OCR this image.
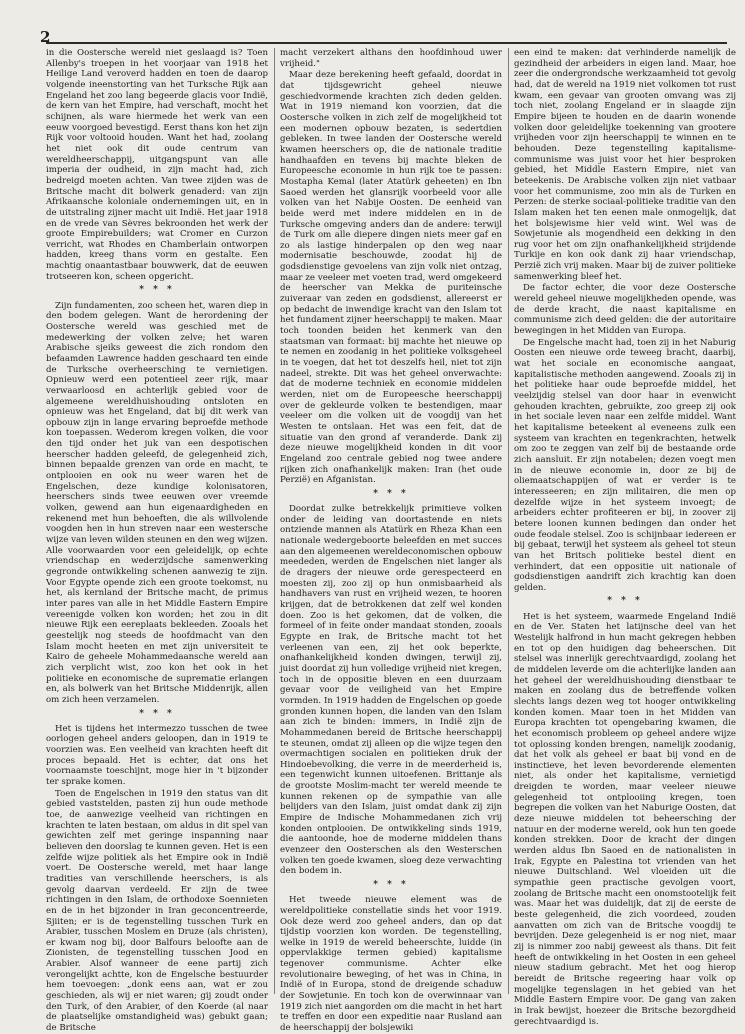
2

in die Oostersche wereld niet geslaagd is? Toen Allenby's troepen in het voorjaar van 1918 het Heilige Land veroverd hadden en toen de daarop volgende ineenstorting van het Turksche Rijk aan Engeland het zoo lang begeerde glacis voor Indië, de kern van het Empire, had verschaft, mocht het schijnen, als ware hiermede het werk van een eeuw voorgoed bevestigd. Eerst thans kon het zijn Rijk voor voltooid houden. Want het had, zoolang het niet ook dit oude centrum van wereldheerschappij, uitgangspunt van alle imperia der oudheid, in zijn macht had, zich bedreigd moeten achten. Van twee zijden was de Britsche macht dit bolwerk genaderd: van zijn Afrikaansche koloniale ondernemingen uit, en in de uitstraling zijner macht uit Indië. Het jaar 1918 en de vrede van Sèvres bekroonden het werk der groote Empirebuilders; wat Cromer en Curzon verricht, wat Rhodes en Chamberlain ontworpen hadden, kreeg thans vorm en gestalte. Een machtig onaantastbaar bouwwerk, dat de eeuwen trotseeren kon, scheen opgericht.

* * *

Zijn fundamenten, zoo scheen het, waren diep in den bodem gelegen. Want de herordening der Oostersche wereld was geschied met de medewerking der volken zelve; het waren Arabische sjeiks geweest die zich rondom den befaamden Lawrence hadden geschaard ten einde de Turksche overheersching te vernietigen. Opnieuw werd een potentieel zeer rijk, maar verwaarloosd en achterlijk gebied voor de algemeene wereldhuishouding ontsloten en opnieuw was het Engeland, dat bij dit werk van opbouw zijn in lange ervaring beproefde methode kon toepassen. Wederom kregen volken, die voor den tijd onder het juk van een despotischen heerscher hadden geleefd, de gelegenheid zich, binnen bepaalde grenzen van orde en macht, te ontplooien en ook nu weer waren het de Engelschen, deze kundige kolonisatoren, heerschers sinds twee eeuwen over vreemde volken, gewend aan hun eigenaardigheden en rekenend met hun behoeften, die als willvolende voogden hen in hun streven naar een westersche wijze van leven wilden steunen en den weg wijzen. Alle voorwaarden voor een geleidelijk, op echte vriendschap en wederzijdsche samenwerking gegronde ontwikkeling schenen aanwezig te zijn. Voor Egypte opende zich een groote toekomst, nu het, als kernland der Britsche macht, de primus inter pares van alle in het Middle Eastern Empire vereenigde volken kon worden; het zou in dit nieuwe Rijk een eereplaats bekleeden. Zooals het geestelijk nog steeds de hoofdmacht van den Islam mocht heeten en met zijn universiteit te Kairo de geheele Mohammedaansche wereld aan zich verplicht wist, zoo kon het ook in het politieke en economische de suprematie erlangen en, als bolwerk van het Britsche Middenrijk, allen om zich heen verzamelen.

* * *

Het is tijdens het intermezzo tusschen de twee oorlogen geheel anders geloopen, dan in 1919 te voorzien was. Een veelheid van krachten heeft dit proces bepaald. Het is echter, dat ons het voornaamste toeschijnt, moge hier in 't bijzonder ter sprake komen.

Toen de Engelschen in 1919 den status van dit gebied vaststelden, pasten zij hun oude methode toe, de aanwezige veelheid van richtingen en krachten te laten bestaan, om aldus in dit spel van gewichten zelf met geringe inspanning naar believen den doorslag te kunnen geven. Het is een zelfde wijze politiek als het Empire ook in Indië voert. De Oostersche wereld, met haar lange tradities van verschillende heerschers, is als gevolg daarvan verdeeld. Er zijn de twee richtingen in den Islam, de orthodoxe Soennieten en de in het bijzonder in Iran geconcentreerde, Sjiiten; er is de tegenstelling tusschen Turk en Arabier, tusschen Moslem en Druze (als christen), er kwam nog bij, door Balfours beloofte aan de Zionisten, de tegenstelling tusschen Jood en Arabier. Alsof wanneer de eene partij zich verongelijkt achtte, kon de Engelsche bestuurder hem toevoegen: „donk eens aan, wat er zou geschieden, als wij er niet waren; gij zoudt onder den Turk, of den Arabier, of den Koerde (al naar de plaatselijke omstandigheid was) gebukt gaan; de Britsche

macht verzekert althans den hoofdinhoud uwer vrijheid."

Maar deze berekening heeft gefaald, doordat in dat tijdsgewricht geheel nieuwe geschiedvormende krachten zich deden gelden. Wat in 1919 niemand kon voorzien, dat die Oostersche volken in zich zelf de mogelijkheid tot een modernen opbouw bezaten, is sedertdien gebleken. In twee landen der Oostersche wereld kwamen heerschers op, die de nationale traditie handhaafden en tevens bij machte bleken de Europeesche economie in hun rijk toe te passen: Mostapha Kemal (later Atatürk geheeten) en Ibn Saoed werden het glansrijk voorbeeld voor alle volken van het Nabije Oosten. De eenheid van beide werd met indere middelen en in de Turksche omgeving anders dan de andere: terwijl de Turk om alle diepere dingen niets meer gaf en zo als lastige hinderpalen op den weg naar modernisatie beschouwde, zoodat hij de godsdienstige gevoelens van zijn volk niet ontzag, maar ze veeleer met voeten trad, werd omgekeerd de heerscher van Mekka de puriteinsche zuiveraar van zeden en godsdienst, allereerst er op bedacht de inwendige kracht van den Islam tot het fundament zijner heerschappij te maken. Maar toch toonden beiden het kenmerk van den staatsman van formaat: bij machte het nieuwe op te nemen en zoodanig in het politieke volksgeheel in te voegen, dat het tot deszelfs heil, niet tot zijn nadeel, strekte. Dit was het geheel onverwachte: dat de moderne techniek en economie middelen werden, niet om de Europeesche heerschappij over de gekleurde volken te bestendigen, maar veeleer om die volken uit de voogdij van het Westen te ontslaan. Het was een feit, dat de situatie van den grond af veranderde. Dank zij deze nieuwe mogelijkheid konden in dit voor Engeland zoo centrale gebied nog twee andere rijken zich onafhankelijk maken: Iran (het oude Perzië) en Afganistan.

* * *

Doordat zulke betrekkelijk primitieve volken onder de leiding van doortastende en niets ontziende mannen als Atatürk en Rheza Khan een nationale wedergeboorte beleefden en met succes aan den algemeenen wereldeconomischen opbouw meededen, werden de Engelschen niet langer als de dragers der nieuwe orde gerespecteerd en moesten zij, zoo zij op hun onmisbaarheid als handhavers van rust en vrijheid wezen, te hooren krijgen, dat de betrokkenen dat zelf wel konden doen. Zoo is het gekomen, dat de volken, die formeel of in feite onder mandaat stonden, zooals Egypte en Irak, de Britsche macht tot het verleenen van een, zij het ook beperkte, onafhankelijkheid konden dwingen, terwijl zij, juist doordat zij hun volledige vrijheid niet kregen, toch in de oppositie bleven en een duurzaam gevaar voor de veiligheid van het Empire vormden. In 1919 hadden de Engelschen op goede gronden kunnen hopen, die landen van den Islam aan zich te binden: immers, in Indië zijn de Mohammedanen bereid de Britsche heerschappij te steunen, omdat zij alleen op die wijze tegen den overmachtigen socialen en politieken druk der Hindoebevolking, die verre in de meerderheid is, een tegenwicht kunnen uitoefenen. Brittanje als de grootste Moslim-macht ter wereld meende te kunnen rekenen op de sympathie van alle belijders van den Islam, juist omdat dank zij zijn Empire de Indische Mohammedanen zich vrij konden ontplooien. De ontwikkeling sinds 1919, die aantoonde, hoe de moderne middelen thans evenzeer den Oosterschen als den Westerschen volken ten goede kwamen, sloeg deze verwachting den bodem in.

* * *

Het tweede nieuwe element was de wereldpolitieke constellatie sinds het voor 1919. Ook deze werd zoo geheel anders, dan op dat tijdstip voorzien kon worden. De tegenstelling, welke in 1919 de wereld beheerschte, luidde (in oppervlakkige termen gebied) kapitalisme tegenover communisme. Achter elke revolutionaire beweging, of het was in China, in Indië of in Europa, stond de dreigende schaduw der Sowjetunie. En toch kon de overwinnaar van 1919 zich niet aangorden om die macht in het hart te treffen en door een expeditie naar Rusland aan de heerschappij der bolsjewiki

een eind te maken: dat verhinderde namelijk de gezindheid der arbeiders in eigen land. Maar, hoe zeer die ondergrondsche werkzaamheid tot gevolg had, dat de wereld na 1919 niet volkomen tot rust kwam, een gevaar van grooten omvang was zij toch niet, zoolang Engeland er in slaagde zijn Empire bijeen te houden en de daarin wonende volken door geleidelijke toekenning van grootere vrijheden voor zijn heerschappij te winnen en te behouden. Deze tegenstelling kapitalisme-communisme was juist voor het hier besproken gebied, het Middle Eastern Empire, niet van beteekenis. De Arabische volken zijn niet vatbaar voor het communisme, zoo min als de Turken en Perzen: de sterke sociaal-politieke traditie van den Islam maken het ten eenen male onmogelijk, dat het bolsjewisme hier veld wint. Wel was de Sowjetunie als mogendheid een dekking in den rug voor het om zijn onafhankelijkheid strijdende Turkije en kon ook dank zij haar vriendschap, Perzië zich vrij maken. Maar bij de zuiver politieke samenwerking bleef het.

De factor echter, die voor deze Oostersche wereld geheel nieuwe mogelijkheden opende, was de derde kracht, die naast kapitalisme en communisme zich deed gelden: die der autoritaire bewegingen in het Midden van Europa.

De Engelsche macht had, toen zij in het Naburig Oosten een nieuwe orde teweeg bracht, daarbij, wat het sociale en economische aangaat, kapitalistische methoden aangewend. Zooals zij in het politieke haar oude beproefde middel, het veelzijdig stelsel van door haar in evenwicht gehouden krachten, gebruikte, zoo greep zij ook in het sociale leven naar een zelfde middel. Want het kapitalisme beteekent al eveneens zulk een systeem van krachten en tegenkrachten, hetwelk om zoo te zeggen van zelf bij de bestaande orde zich aansluit. Er zijn notabelen; dezen voegt men in de nieuwe economie in, door ze bij de oliemaatschappijen of wat er verder is te interesseeren; en zijn militairen, die men op dezelfde wijze in het systeem invoegt; de arbeiders echter profiteeren er bij, in zoover zij betere loonen kunnen bedingen dan onder het oude feodale stelsel. Zoo is schijnbaar iedereen er bij gebaat, terwijl het systeem als geheel tot steun van het Britsch politieke bestel dient en verhindert, dat een oppositie uit nationale of godsdienstigen aandrift zich krachtig kan doen gelden.

* * *

Het is het systeem, waarmede Engeland Indië en de Ver. Staten het latijnsche deel van het Westelijk halfrond in hun macht gekregen hebben en tot op den huidigen dag beheerschen. Dit stelsel was innerlijk gerechtvaardigd, zoolang het de middelen leverde om die achterlijke landen aan het geheel der wereldhuishouding dienstbaar te maken en zoolang dus de betreffende volken slechts langs dezen weg tot hooger ontwikkeling konden komen. Maar toen in het Midden van Europa krachten tot opengebaring kwamen, die het economisch probleem op geheel andere wijze tot oplossing konden brengen, namelijk zoodanig, dat het volk als geheel er baat bij vond en de instinctieve, het leven bevorderende elementen niet, als onder het kapitalisme, vernietigd dreigden te worden, maar veeleer nieuwe gelegenheid tot ontplooiing kregen, toen begrepen die volken van het Naburige Oosten, dat deze nieuwe middelen tot beheersching der natuur en der moderne wereld, ook hun ten goede konden strekken. Door de kracht der dingen werden aldus Ibn Saoed en de nationalisten in Irak, Egypte en Palestina tot vrienden van het nieuwe Duitschland. Wel vloeiden uit die sympathie geen practische gevolgen voort, zoolang de Britsche macht een onomstootelijk feit was. Maar het was duidelijk, dat zij de eerste de beste gelegenheid, die zich voordeed, zouden aanvatten om zich van de Britsche voogdij te bevrijden. Deze gelegenheid is er nog niet, maar zij is nimmer zoo nabij geweest als thans. Dit feit heeft de ontwikkeling in het Oosten in een geheel nieuw stadium gebracht. Met het oog hierop bereidt de Britsche regeering haar volk op mogelijke tegenslagen in het gebied van het Middle Eastern Empire voor. De gang van zaken in Irak bewijst, hoezeer die Britsche bezorgdheid gerechtvaardigd is.
